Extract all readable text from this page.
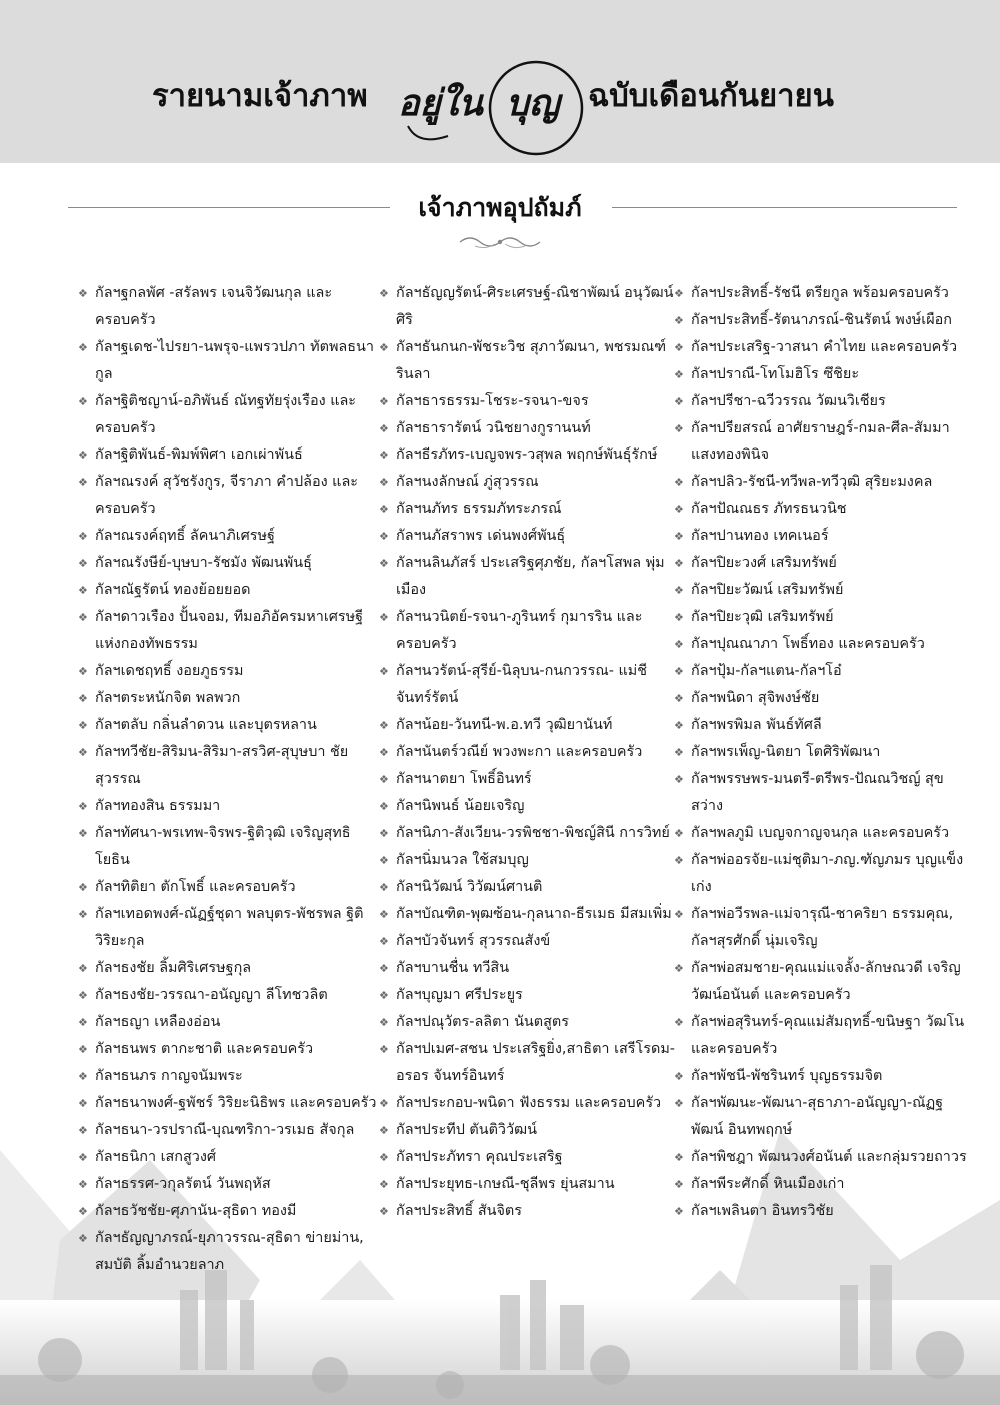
รายนามเจ้าภาพ อยู่ใน บุญ ฉบับเดือนกันยายน
เจ้าภาพอุปถัมภ์
❖ กัลฯฐกลพัศ -สรัลพร เจนจิวัฒนกุล และครอบครัว
❖ กัลฯฐเดช-ไปรยา-นพรุจ-แพรวปภา ทัตพลธนากูล
❖ กัลฯฐิติชญาน์-อภิพันธ์ ณัทฐทัยรุ่งเรือง และครอบครัว
❖ กัลฯฐิติพันธ์-พิมพ์พิศา เอกเผ่าพันธ์
❖ กัลฯณรงค์ สุวัชรังกูร, จีราภา คำปล้อง และครอบครัว
❖ กัลฯณรงค์ฤทธิ์ ลัคนาภิเศรษฐ์
❖ กัลฯณรังษีย์-บุษบา-รัชมัง พัฒนพันธุ์
❖ กัลฯณัฐรัตน์ ทองย้อยยอด
❖ กัลฯดาวเรือง ปั้นจอม, ทีมอภิอัครมหาเศรษฐี แห่งกองทัพธรรม
❖ กัลฯเดชฤทธิ์ งอยภูธรรม
❖ กัลฯตระหนักจิต พลพวก
❖ กัลฯตลับ กลิ่นลำดวน และบุตรหลาน
❖ กัลฯทวีชัย-สิริมน-สิริมา-สรวิศ-สุบุษบา ชัยสุวรรณ
❖ กัลฯทองสิน ธรรมมา
❖ กัลฯทัศนา-พรเทพ-จิรพร-ฐิติวุฒิ เจริญสุทธิโยธิน
❖ กัลฯทิติยา ตักโพธิ์ และครอบครัว
❖ กัลฯเทอดพงศ์-ณัฏฐ์ชุดา พลบุตร-พัชรพล ฐิติวิริยะกุล
❖ กัลฯธงชัย ลิ้มศิริเศรษฐกุล
❖ กัลฯธงชัย-วรรณา-อนัญญา ลีโทชวลิต
❖ กัลฯธญา เหลืองอ่อน
❖ กัลฯธนพร ตากะชาติ และครอบครัว
❖ กัลฯธนภร กาญจนัมพระ
❖ กัลฯธนาพงศ์-ฐพัชร์ วิริยะนิธิพร และครอบครัว
❖ กัลฯธนา-วรปราณี-บุณฑริกา-วรเมธ สัจกุล
❖ กัลฯธนิกา เสกสูวงศ์
❖ กัลฯธรรศ-วกุลรัตน์ วันพฤหัส
❖ กัลฯธวัชชัย-ศุภานัน-สุธิดา ทองมี
❖ กัลฯธัญญาภรณ์-ยุภาวรรณ-สุธิดา ข่ายม่าน, สมบัติ ลิ้มอำนวยลาภ
❖ กัลฯธัญญรัตน์-ศิระเศรษฐ์-ณิชาพัฒน์ อนุวัฒน์ศิริ
❖ กัลฯธันกนก-พัชระวิช สุภาวัฒนา, พชรมณฑ์ รินลา
❖ กัลฯธารธรรม-โชระ-รจนา-ขจร
❖ กัลฯธารารัตน์ วนิชยางกูรานนท์
❖ กัลฯธีรภัทร-เบญจพร-วสุพล พฤกษ์พันธุ์รักษ์
❖ กัลฯนงลักษณ์ ภู่สุวรรณ
❖ กัลฯนภัทร ธรรมภัทระภรณ์
❖ กัลฯนภัสราพร เด่นพงศ์พันธุ์
❖ กัลฯนลินภัสร์ ประเสริฐศุภชัย, กัลฯโสพล พุ่มเมือง
❖ กัลฯนวนิตย์-รจนา-ภูรินทร์ กุมารริน และครอบครัว
❖ กัลฯนวรัตน์-สุรีย์-นิลุบน-กนกวรรณ- แม่ชีจันทร์รัตน์
❖ กัลฯน้อย-วันทนี-พ.อ.ทวี วุฒิยานันท์
❖ กัลฯนันตร์วณีย์ พวงพะกา และครอบครัว
❖ กัลฯนาตยา โพธิ์อินทร์
❖ กัลฯนิพนธ์ น้อยเจริญ
❖ กัลฯนิภา-สังเวียน-วรพิชชา-พิชญ์สินี การวิทย์
❖ กัลฯนิ่มนวล ใช้สมบุญ
❖ กัลฯนิวัฒน์ วิวัฒน์ศานติ
❖ กัลฯบัณฑิต-พุฒซ้อน-กุลนาถ-ธีรเมธ มีสมเพิ่ม
❖ กัลฯบัวจันทร์ สุวรรณสังข์
❖ กัลฯบานชื่น ทวีสิน
❖ กัลฯบุญมา ศรีประยูร
❖ กัลฯปณุวัตร-ลลิตา นันตสูตร
❖ กัลฯปเมศ-สชน ประเสริฐยิ่ง,สาธิตา เสรีโรดม- อรอร จันทร์อินทร์
❖ กัลฯประกอบ-พนิดา ฟังธรรม และครอบครัว
❖ กัลฯประทีป ตันติวิวัฒน์
❖ กัลฯประภัทรา คุณประเสริฐ
❖ กัลฯประยุทธ-เกษณี-ชุลีพร ยุ่นสมาน
❖ กัลฯประสิทธิ์ สันจิตร
❖ กัลฯประสิทธิ์-รัชนี ตรียกูล พร้อมครอบครัว
❖ กัลฯประสิทธิ์-รัตนาภรณ์-ชินรัตน์ พงษ์เผือก
❖ กัลฯประเสริฐ-วาสนา คำไทย และครอบครัว
❖ กัลฯปราณี-โทโมฮิโร ซึชิยะ
❖ กัลฯปรีชา-ฉวีวรรณ วัฒนวิเชียร
❖ กัลฯปรียสรณ์ อาศัยราษฎร์-กมล-ศีล-สัมมา แสงทองพินิจ
❖ กัลฯปลิว-รัชนี-ทวีพล-ทวีวุฒิ สุริยะมงคล
❖ กัลฯปัณณธร ภัทรธนวนิช
❖ กัลฯปานทอง เทคเนอร์
❖ กัลฯปิยะวงศ์ เสริมทรัพย์
❖ กัลฯปิยะวัฒน์ เสริมทรัพย์
❖ กัลฯปิยะวุฒิ เสริมทรัพย์
❖ กัลฯปุณณาภา โพธิ์ทอง และครอบครัว
❖ กัลฯปุ้ม-กัลฯแตน-กัลฯโอ๋
❖ กัลฯพนิดา สุจิพงษ์ชัย
❖ กัลฯพรพิมล พันธ์ทัศลี
❖ กัลฯพรเพ็ญ-นิตยา โตศิริพัฒนา
❖ กัลฯพรรษพร-มนตรี-ตรีพร-ปัณณวิชญ์ สุขสว่าง
❖ กัลฯพลภูมิ เบญจกาญจนกุล และครอบครัว
❖ กัลฯพ่ออรจัย-แม่ชุติมา-ภญ.ฑัญภมร บุญแข็งเก่ง
❖ กัลฯพ่อวีรพล-แม่จารุณี-ชาคริยา ธรรมคุณ, กัลฯสุรศักดิ์ นุ่มเจริญ
❖ กัลฯพ่อสมชาย-คุณแม่แจลั้ง-ลักษณวดี เจริญวัฒน์อนันต์ และครอบครัว
❖ กัลฯพ่อสุรินทร์-คุณแม่สัมฤทธิ์-ขนิษฐา วัฒโน และครอบครัว
❖ กัลฯพัชนี-พัชรินทร์ บุญธรรมจิต
❖ กัลฯพัฒนะ-พัฒนา-สุธาภา-อนัญญา-ณัฏฐพัฒน์ อินทพฤกษ์
❖ กัลฯพิชฎา พัฒนวงศ์อนันต์ และกลุ่มรวยถาวร
❖ กัลฯพีระศักดิ์ หินเมืองเก่า
❖ กัลฯเพลินตา อินทรวิชัย
